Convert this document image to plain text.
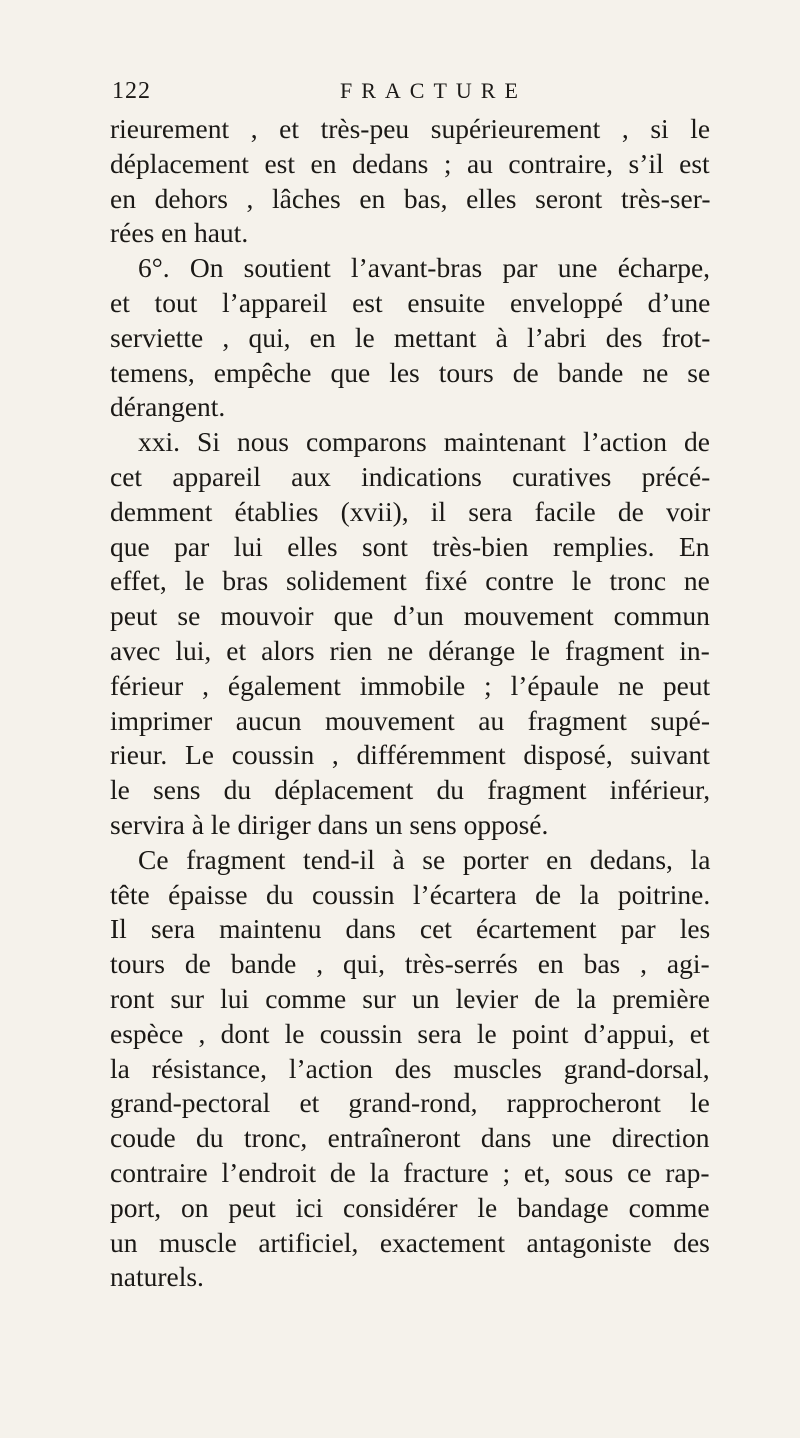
122	FRACTURE
rieurement , et très-peu supérieurement , si le
déplacement est en dedans ; au contraire, s’il est
en dehors , lâches en bas, elles seront très-ser-
rées en haut.
6°. On soutient l’avant-bras par une écharpe,
et tout l’appareil est ensuite enveloppé d’une
serviette , qui, en le mettant à l’abri des frot-
temens, empêche que les tours de bande ne se
dérangent.
xxi. Si nous comparons maintenant l’action de
cet appareil aux indications curatives précé-
demment établies (xvii), il sera facile de voir
que par lui elles sont très-bien remplies. En
effet, le bras solidement fixé contre le tronc ne
peut se mouvoir que d’un mouvement commun
avec lui, et alors rien ne dérange le fragment in-
férieur , également immobile ; l’épaule ne peut
imprimer aucun mouvement au fragment supé-
rieur. Le coussin , différemment disposé, suivant
le sens du déplacement du fragment inférieur,
servira à le diriger dans un sens opposé.
Ce fragment tend-il à se porter en dedans, la
tête épaisse du coussin l’écartera de la poitrine.
Il sera maintenu dans cet écartement par les
tours de bande , qui, très-serrés en bas , agi-
ront sur lui comme sur un levier de la première
espèce , dont le coussin sera le point d’appui, et
la résistance, l’action des muscles grand-dorsal,
grand-pectoral et grand-rond, rapprocheront le
coude du tronc, entraîneront dans une direction
contraire l’endroit de la fracture ; et, sous ce rap-
port, on peut ici considérer le bandage comme
un muscle artificiel, exactement antagoniste des
naturels.
